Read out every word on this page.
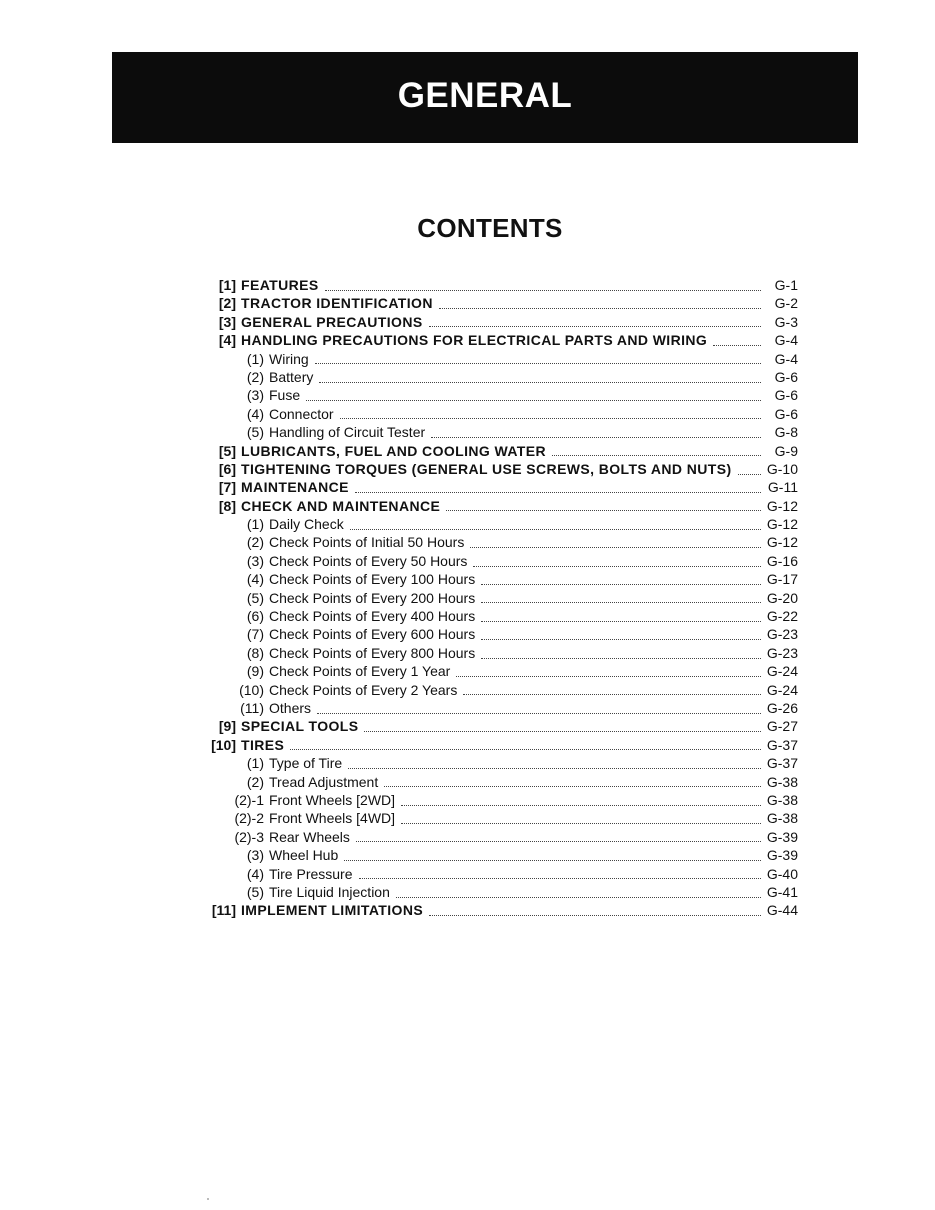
GENERAL
CONTENTS
[1] FEATURES	G-1
[2] TRACTOR IDENTIFICATION	G-2
[3] GENERAL PRECAUTIONS	G-3
[4] HANDLING PRECAUTIONS FOR ELECTRICAL PARTS AND WIRING	G-4
(1) Wiring	G-4
(2) Battery	G-6
(3) Fuse	G-6
(4) Connector	G-6
(5) Handling of Circuit Tester	G-8
[5] LUBRICANTS, FUEL AND COOLING WATER	G-9
[6] TIGHTENING TORQUES (GENERAL USE SCREWS, BOLTS AND NUTS)	G-10
[7] MAINTENANCE	G-11
[8] CHECK AND MAINTENANCE	G-12
(1) Daily Check	G-12
(2) Check Points of Initial 50 Hours	G-12
(3) Check Points of Every 50 Hours	G-16
(4) Check Points of Every 100 Hours	G-17
(5) Check Points of Every 200 Hours	G-20
(6) Check Points of Every 400 Hours	G-22
(7) Check Points of Every 600 Hours	G-23
(8) Check Points of Every 800 Hours	G-23
(9) Check Points of Every 1 Year	G-24
(10) Check Points of Every 2 Years	G-24
(11) Others	G-26
[9] SPECIAL TOOLS	G-27
[10] TIRES	G-37
(1) Type of Tire	G-37
(2) Tread Adjustment	G-38
(2)-1 Front Wheels [2WD]	G-38
(2)-2 Front Wheels [4WD]	G-38
(2)-3 Rear Wheels	G-39
(3) Wheel Hub	G-39
(4) Tire Pressure	G-40
(5) Tire Liquid Injection	G-41
[11] IMPLEMENT LIMITATIONS	G-44
